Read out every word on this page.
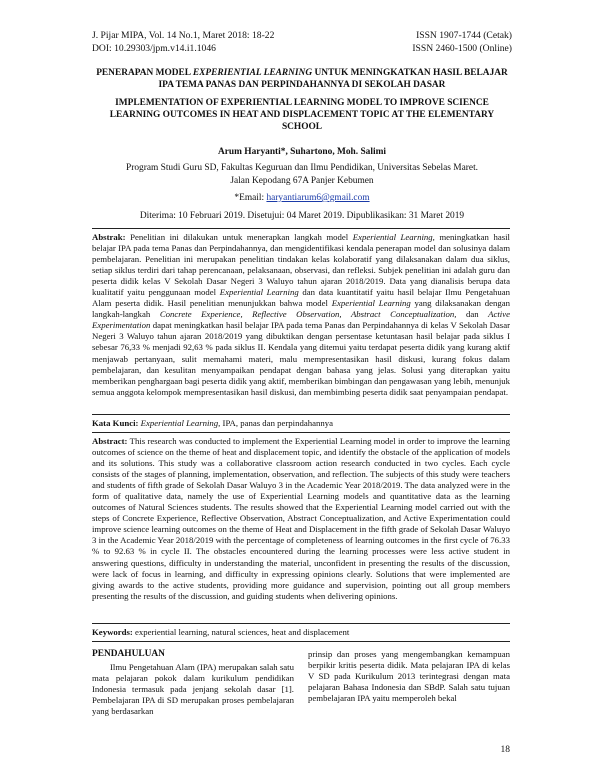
J. Pijar MIPA, Vol. 14 No.1, Maret 2018: 18-22
DOI: 10.29303/jpm.v14.i1.1046
ISSN 1907-1744 (Cetak)
ISSN 2460-1500 (Online)
PENERAPAN MODEL EXPERIENTIAL LEARNING UNTUK MENINGKATKAN HASIL BELAJAR IPA TEMA PANAS DAN PERPINDAHANNYA DI SEKOLAH DASAR
IMPLEMENTATION OF EXPERIENTIAL LEARNING MODEL TO IMPROVE SCIENCE LEARNING OUTCOMES IN HEAT AND DISPLACEMENT TOPIC AT THE ELEMENTARY SCHOOL
Arum Haryanti*, Suhartono, Moh. Salimi
Program Studi Guru SD, Fakultas Keguruan dan Ilmu Pendidikan, Universitas Sebelas Maret.
Jalan Kepodang 67A Panjer Kebumen
*Email: haryantiarum6@gmail.com
Diterima: 10 Februari 2019. Disetujui: 04 Maret 2019. Dipublikasikan: 31 Maret 2019
Abstrak: Penelitian ini dilakukan untuk menerapkan langkah model Experiential Learning, meningkatkan hasil belajar IPA pada tema Panas dan Perpindahannya, dan mengidentifikasi kendala penerapan model dan solusinya dalam pembelajaran. Penelitian ini merupakan penelitian tindakan kelas kolaboratif yang dilaksanakan dalam dua siklus, setiap siklus terdiri dari tahap perencanaan, pelaksanaan, observasi, dan refleksi. Subjek penelitian ini adalah guru dan peserta didik kelas V Sekolah Dasar Negeri 3 Waluyo tahun ajaran 2018/2019. Data yang dianalisis berupa data kualitatif yaitu penggunaan model Experiential Learning dan data kuantitatif yaitu hasil belajar Ilmu Pengetahuan Alam peserta didik. Hasil penelitian menunjukkan bahwa model Experiential Learning yang dilaksanakan dengan langkah-langkah Concrete Experience, Reflective Observation, Abstract Conceptualization, dan Active Experimentation dapat meningkatkan hasil belajar IPA pada tema Panas dan Perpindahannya di kelas V Sekolah Dasar Negeri 3 Waluyo tahun ajaran 2018/2019 yang dibuktikan dengan persentase ketuntasan hasil belajar pada siklus I sebesar 76,33 % menjadi 92,63 % pada siklus II. Kendala yang ditemui yaitu terdapat peserta didik yang kurang aktif menjawab pertanyaan, sulit memahami materi, malu mempresentasikan hasil diskusi, kurang fokus dalam pembelajaran, dan kesulitan menyampaikan pendapat dengan bahasa yang jelas. Solusi yang diterapkan yaitu memberikan penghargaan bagi peserta didik yang aktif, memberikan bimbingan dan pengawasan yang lebih, menunjuk semua anggota kelompok mempresentasikan hasil diskusi, dan membimbing peserta didik saat penyampaian pendapat.
Kata Kunci: Experiential Learning, IPA, panas dan perpindahannya
Abstract: This research was conducted to implement the Experiential Learning model in order to improve the learning outcomes of science on the theme of heat and displacement topic, and identify the obstacle of the application of models and its solutions. This study was a collaborative classroom action research conducted in two cycles. Each cycle consists of the stages of planning, implementation, observation, and reflection. The subjects of this study were teachers and students of fifth grade of Sekolah Dasar Waluyo 3 in the Academic Year 2018/2019. The data analyzed were in the form of qualitative data, namely the use of Experiential Learning models and quantitative data as the learning outcomes of Natural Sciences students. The results showed that the Experiential Learning model carried out with the steps of Concrete Experience, Reflective Observation, Abstract Conceptualization, and Active Experimentation could improve science learning outcomes on the theme of Heat and Displacement in the fifth grade of Sekolah Dasar Waluyo 3 in the Academic Year 2018/2019 with the percentage of completeness of learning outcomes in the first cycle of 76.33 % to 92.63 % in cycle II. The obstacles encountered during the learning processes were less active student in answering questions, difficulty in understanding the material, unconfident in presenting the results of the discussion, were lack of focus in learning, and difficulty in expressing opinions clearly. Solutions that were implemented are giving awards to the active students, providing more guidance and supervision, pointing out all group members presenting the results of the discussion, and guiding students when delivering opinions.
Keywords: experiential learning, natural sciences, heat and displacement
PENDAHULUAN
Ilmu Pengetahuan Alam (IPA) merupakan salah satu mata pelajaran pokok dalam kurikulum pendidikan Indonesia termasuk pada jenjang sekolah dasar [1]. Pembelajaran IPA di SD merupakan proses pembelajaran yang berdasarkan
prinsip dan proses yang mengembangkan kemampuan berpikir kritis peserta didik. Mata pelajaran IPA di kelas V SD pada Kurikulum 2013 terintegrasi dengan mata pelajaran Bahasa Indonesia dan SBdP. Salah satu tujuan pembelajaran IPA yaitu memperoleh bekal
18
